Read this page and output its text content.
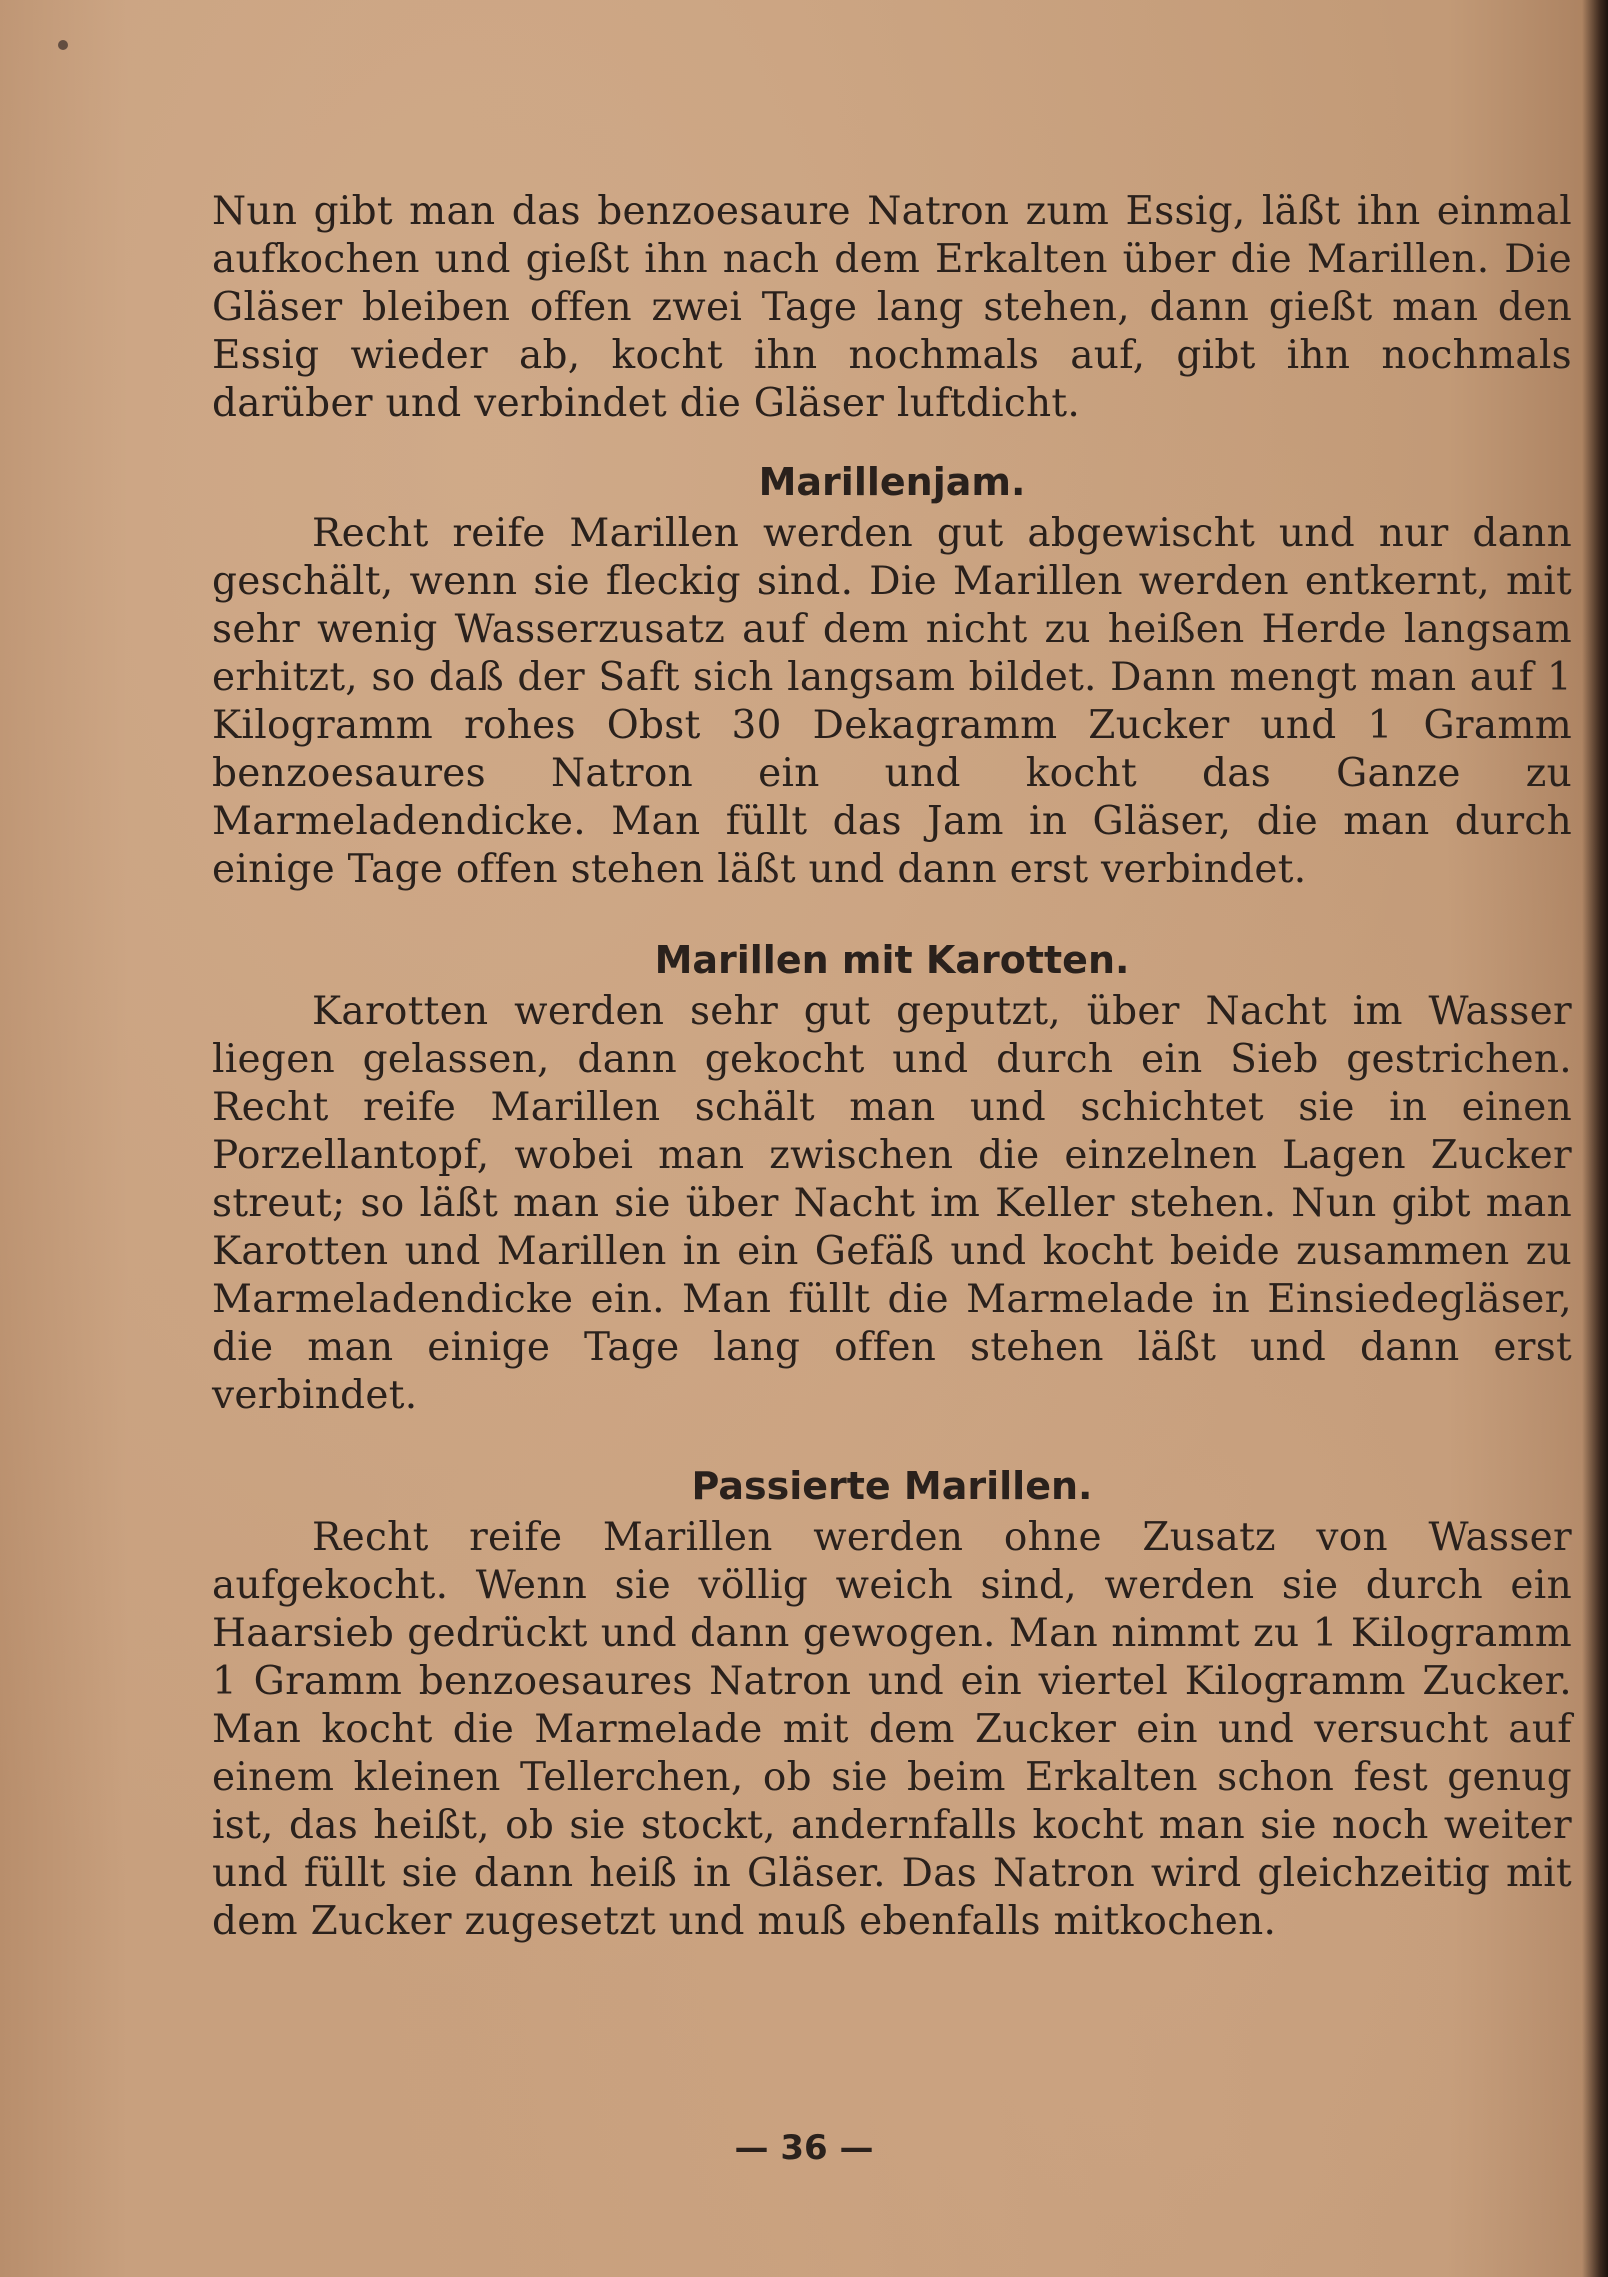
Nun gibt man das benzoesaure Natron zum Essig, läßt ihn einmal aufkochen und gießt ihn nach dem Erkalten über die Marillen. Die Gläser bleiben offen zwei Tage lang stehen, dann gießt man den Essig wieder ab, kocht ihn nochmals auf, gibt ihn nochmals darüber und verbindet die Gläser luftdicht.

Marillenjam.

Recht reife Marillen werden gut abgewischt und nur dann geschält, wenn sie fleckig sind. Die Marillen werden entkernt, mit sehr wenig Wasserzusatz auf dem nicht zu heißen Herde langsam erhitzt, so daß der Saft sich langsam bildet. Dann mengt man auf 1 Kilogramm rohes Obst 30 Dekagramm Zucker und 1 Gramm benzoesaures Natron ein und kocht das Ganze zu Marmeladendicke. Man füllt das Jam in Gläser, die man durch einige Tage offen stehen läßt und dann erst verbindet.

Marillen mit Karotten.

Karotten werden sehr gut geputzt, über Nacht im Wasser liegen gelassen, dann gekocht und durch ein Sieb gestrichen. Recht reife Marillen schält man und schichtet sie in einen Porzellantopf, wobei man zwischen die einzelnen Lagen Zucker streut; so läßt man sie über Nacht im Keller stehen. Nun gibt man Karotten und Marillen in ein Gefäß und kocht beide zusammen zu Marmeladendicke ein. Man füllt die Marmelade in Einsiedegläser, die man einige Tage lang offen stehen läßt und dann erst verbindet.

Passierte Marillen.

Recht reife Marillen werden ohne Zusatz von Wasser aufgekocht. Wenn sie völlig weich sind, werden sie durch ein Haarsieb gedrückt und dann gewogen. Man nimmt zu 1 Kilogramm 1 Gramm benzoesaures Natron und ein viertel Kilogramm Zucker. Man kocht die Marmelade mit dem Zucker ein und versucht auf einem kleinen Tellerchen, ob sie beim Erkalten schon fest genug ist, das heißt, ob sie stockt, andernfalls kocht man sie noch weiter und füllt sie dann heiß in Gläser. Das Natron wird gleichzeitig mit dem Zucker zugesetzt und muß ebenfalls mitkochen.

— 36 —
